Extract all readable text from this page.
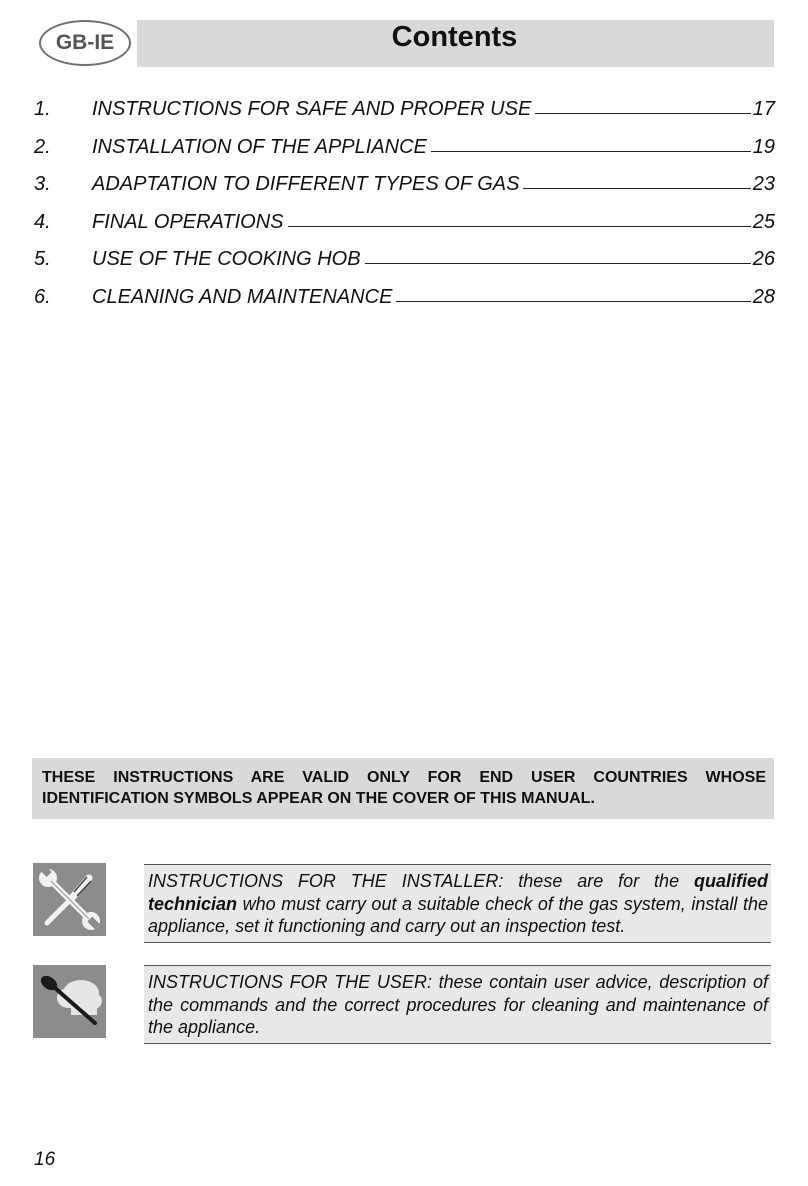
GB-IE	Contents
1.	INSTRUCTIONS FOR SAFE AND PROPER USE	17
2.	INSTALLATION OF THE APPLIANCE	19
3.	ADAPTATION TO DIFFERENT TYPES OF GAS	23
4.	FINAL OPERATIONS	25
5.	USE OF THE COOKING HOB	26
6.	CLEANING AND MAINTENANCE	28
THESE INSTRUCTIONS ARE VALID ONLY FOR END USER COUNTRIES WHOSE IDENTIFICATION SYMBOLS APPEAR ON THE COVER OF THIS MANUAL.
INSTRUCTIONS FOR THE INSTALLER: these are for the qualified technician who must carry out a suitable check of the gas system, install the appliance, set it functioning and carry out an inspection test.
INSTRUCTIONS FOR THE USER: these contain user advice, description of the commands and the correct procedures for cleaning and maintenance of the appliance.
16
